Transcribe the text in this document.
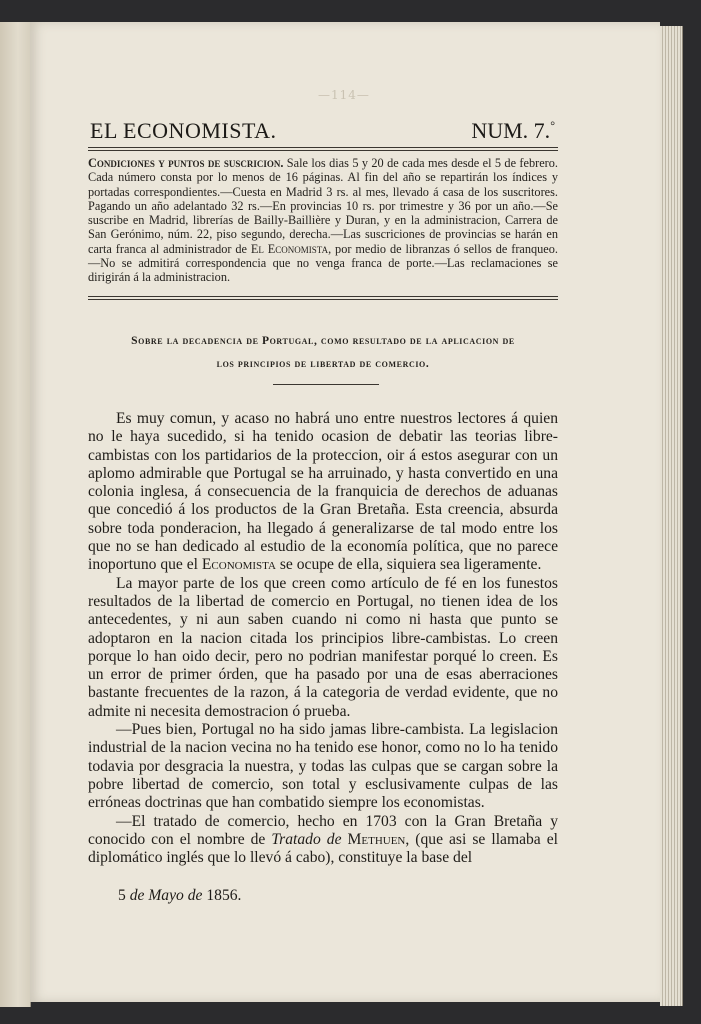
—114—
EL ECONOMISTA.	NUM. 7.°
Condiciones y puntos de suscricion. Sale los dias 5 y 20 de cada mes desde el 5 de febrero. Cada número consta por lo menos de 16 páginas. Al fin del año se repartirán los índices y portadas correspondientes.—Cuesta en Madrid 3 rs. al mes, llevado á casa de los suscritores. Pagando un año adelantado 32 rs.—En provincias 10 rs. por trimestre y 36 por un año.—Se suscribe en Madrid, librerías de Bailly-Baillière y Duran, y en la administracion, Carrera de San Gerónimo, núm. 22, piso segundo, derecha.—Las suscriciones de provincias se harán en carta franca al administrador de El Economista, por medio de libranzas ó sellos de franqueo.—No se admitirá correspondencia que no venga franca de porte.—Las reclamaciones se dirigirán á la administracion.
Sobre la decadencia de Portugal, como resultado de la aplicacion de
los principios de libertad de comercio.

Es muy comun, y acaso no habrá uno entre nuestros lectores á quien no le haya sucedido, si ha tenido ocasion de debatir las teorias libre-cambistas con los partidarios de la proteccion, oir á estos asegurar con un aplomo admirable que Portugal se ha arruinado, y hasta convertido en una colonia inglesa, á consecuencia de la franquicia de derechos de aduanas que concedió á los productos de la Gran Bretaña. Esta creencia, absurda sobre toda ponderacion, ha llegado á generalizarse de tal modo entre los que no se han dedicado al estudio de la economía política, que no parece inoportuno que el Economista se ocupe de ella, siquiera sea ligeramente.

La mayor parte de los que creen como artículo de fé en los funestos resultados de la libertad de comercio en Portugal, no tienen idea de los antecedentes, y ni aun saben cuando ni como ni hasta que punto se adoptaron en la nacion citada los principios libre-cambistas. Lo creen porque lo han oido decir, pero no podrian manifestar porqué lo creen. Es un error de primer órden, que ha pasado por una de esas aberraciones bastante frecuentes de la razon, á la categoria de verdad evidente, que no admite ni necesita demostracion ó prueba.

—Pues bien, Portugal no ha sido jamas libre-cambista. La legislacion industrial de la nacion vecina no ha tenido ese honor, como no lo ha tenido todavia por desgracia la nuestra, y todas las culpas que se cargan sobre la pobre libertad de comercio, son total y esclusivamente culpas de las erróneas doctrinas que han combatido siempre los economistas.

—El tratado de comercio, hecho en 1703 con la Gran Bretaña y conocido con el nombre de Tratado de Methuen, (que asi se llamaba el diplomático inglés que lo llevó á cabo), constituye la base del

5 de Mayo de 1856.
